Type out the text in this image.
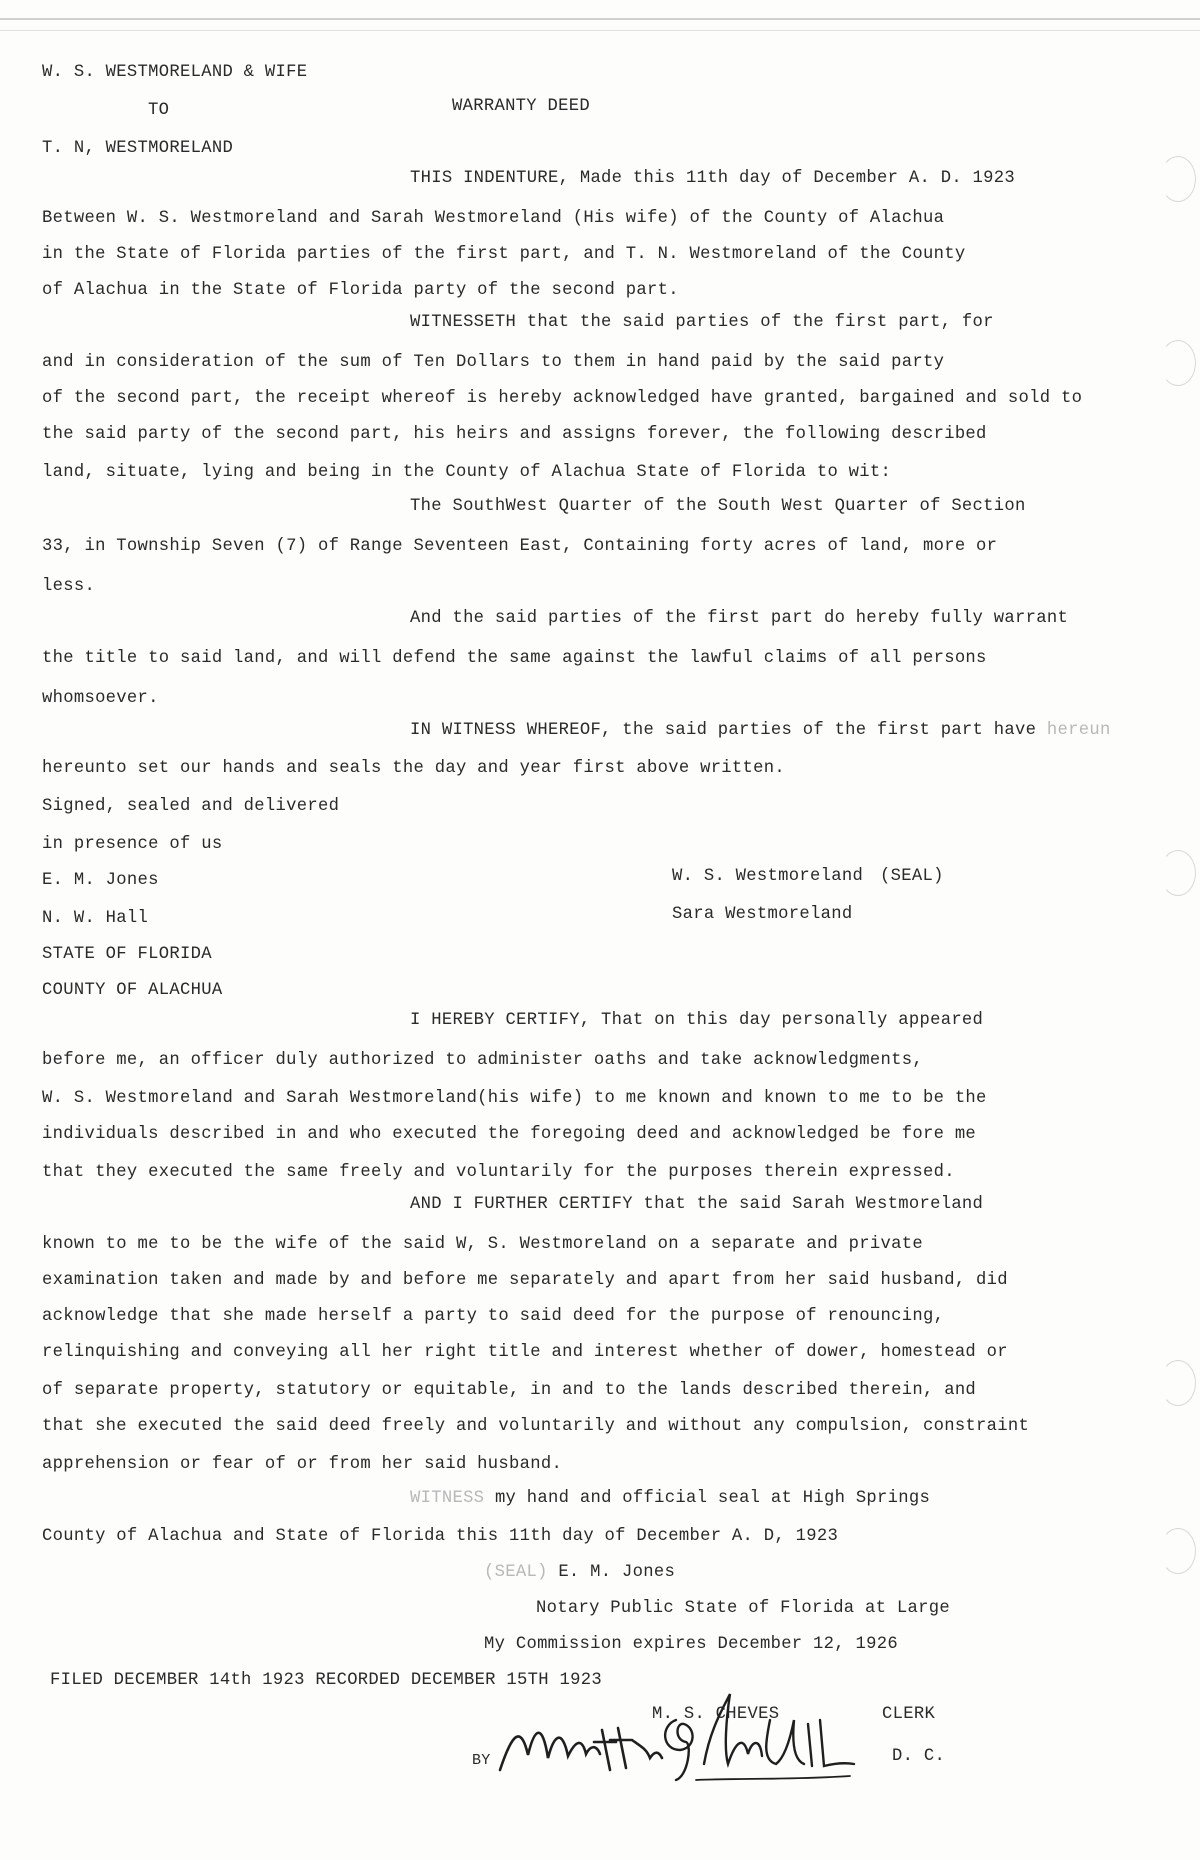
W. S. WESTMORELAND & WIFE
TO	WARRANTY DEED
T. N, WESTMORELAND
THIS INDENTURE, Made this 11th day of December A. D. 1923
Between W. S. Westmoreland and Sarah Westmoreland (His wife) of the County of Alachua
in the State of Florida parties of the first part, and T. N. Westmoreland of the County
of Alachua in the State of Florida party of the second part.
WITNESSETH that the said parties of the first part, for
and in consideration of the sum of Ten Dollars to them in hand paid by the said party
of the second part, the receipt whereof is hereby acknowledged have granted, bargained and sold to
the said party of the second part, his heirs and assigns forever, the following described
land, situate, lying and being in the County of Alachua State of Florida to wit:
The SouthWest Quarter of the South West Quarter of Section
33, in Township Seven (7) of Range Seventeen East, Containing forty acres of land, more or
less.
And the said parties of the first part do hereby fully warrant
the title to said land, and will defend the same against the lawful claims of all persons
whomsoever.
IN WITNESS WHEREOF, the said parties of the first part have hereun
hereunto set our hands and seals the day and year first above written.
Signed, sealed and delivered
in presence of us
E. M. Jones
N. W. Hall
W. S. Westmoreland (SEAL)
Sara Westmoreland
STATE OF FLORIDA
COUNTY OF ALACHUA
I HEREBY CERTIFY, That on this day personally appeared
before me, an officer duly authorized to administer oaths and take acknowledgments,
W. S. Westmoreland and Sarah Westmoreland(his wife) to me known and known to me to be the
individuals described in and who executed the foregoing deed and acknowledged be fore me
that they executed the same freely and voluntarily for the purposes therein expressed.
AND I FURTHER CERTIFY that the said Sarah Westmoreland
known to me to be the wife of the said W, S. Westmoreland on a separate and private
examination taken and made by and before me separately and apart from her said husband, did
acknowledge that she made herself a party to said deed for the purpose of renouncing,
relinquishing and conveying all her right title and interest whether of dower, homestead or
of separate property, statutory or equitable, in and to the lands described therein, and
that she executed the said deed freely and voluntarily and without any compulsion, constraint
apprehension or fear of or from her said husband.
WITNESS my hand and official seal at High Springs
County of Alachua and State of Florida this 11th day of December A. D, 1923
(SEAL) E. M. Jones
Notary Public State of Florida at Large
My Commission expires December 12, 1926
FILED DECEMBER 14th 1923 RECORDED DECEMBER 15TH 1923
M. S. CHEVES	CLERK
BY	D. C.
